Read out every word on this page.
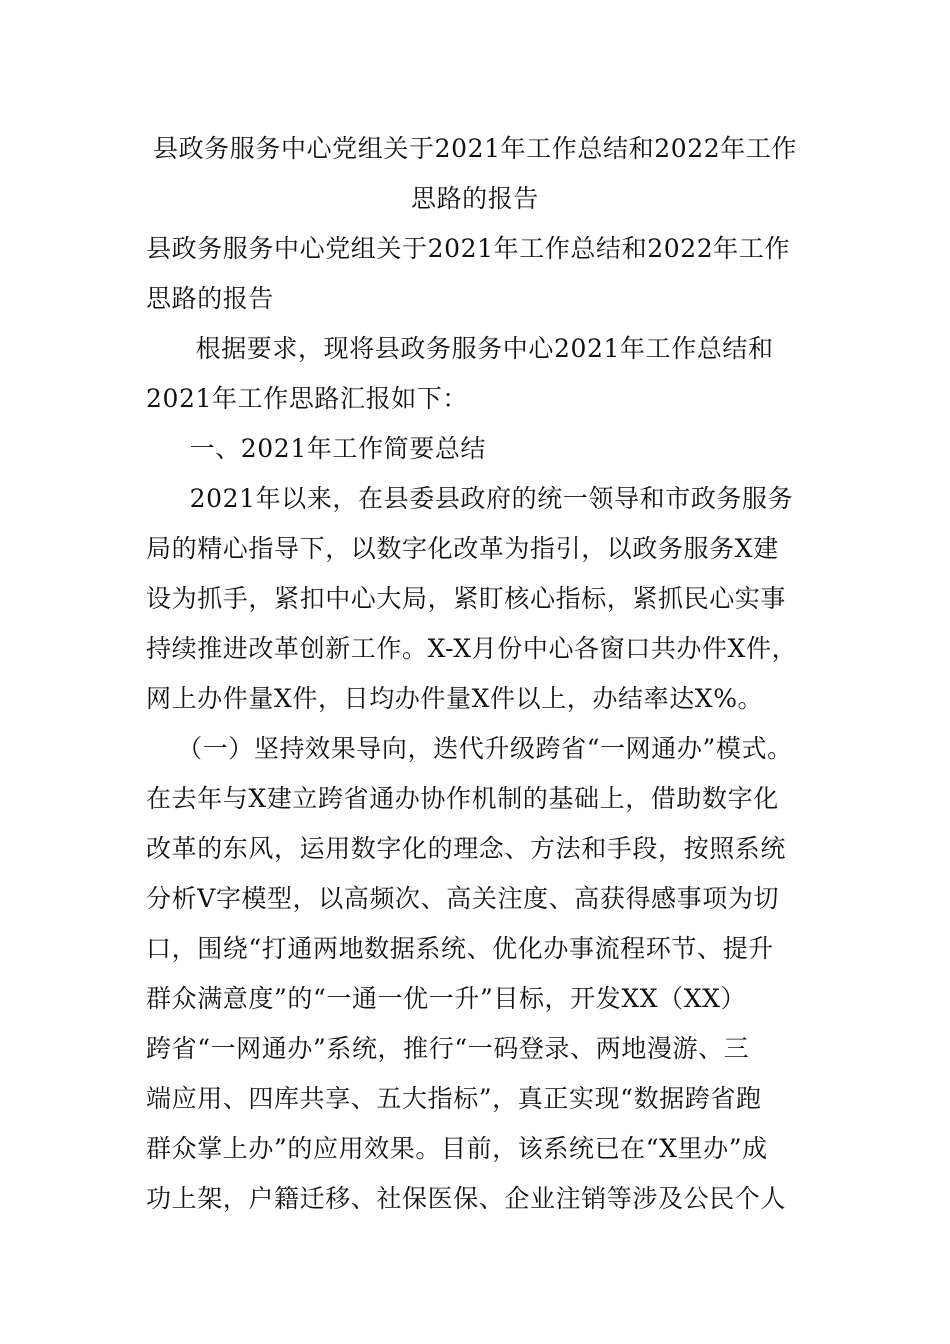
县政务服务中心党组关于2021年工作总结和2022年工作
思路的报告
县政务服务中心党组关于2021年工作总结和2022年工作
思路的报告
　根据要求，现将县政务服务中心2021年工作总结和
2021年工作思路汇报如下：
　一、2021年工作简要总结
　2021年以来，在县委县政府的统一领导和市政务服务
局的精心指导下，以数字化改革为指引，以政务服务X建
设为抓手，紧扣中心大局，紧盯核心指标，紧抓民心实事
持续推进改革创新工作。X-X月份中心各窗口共办件X件，
网上办件量X件，日均办件量X件以上，办结率达X%。
　（一）坚持效果导向，迭代升级跨省“一网通办”模式。
在去年与X建立跨省通办协作机制的基础上，借助数字化
改革的东风，运用数字化的理念、方法和手段，按照系统
分析V字模型，以高频次、高关注度、高获得感事项为切
口，围绕“打通两地数据系统、优化办事流程环节、提升
群众满意度”的“一通一优一升”目标，开发XX（XX）
跨省“一网通办”系统，推行“一码登录、两地漫游、三
端应用、四库共享、五大指标”，真正实现“数据跨省跑
群众掌上办”的应用效果。目前，该系统已在“X里办”成
功上架，户籍迁移、社保医保、企业注销等涉及公民个人
